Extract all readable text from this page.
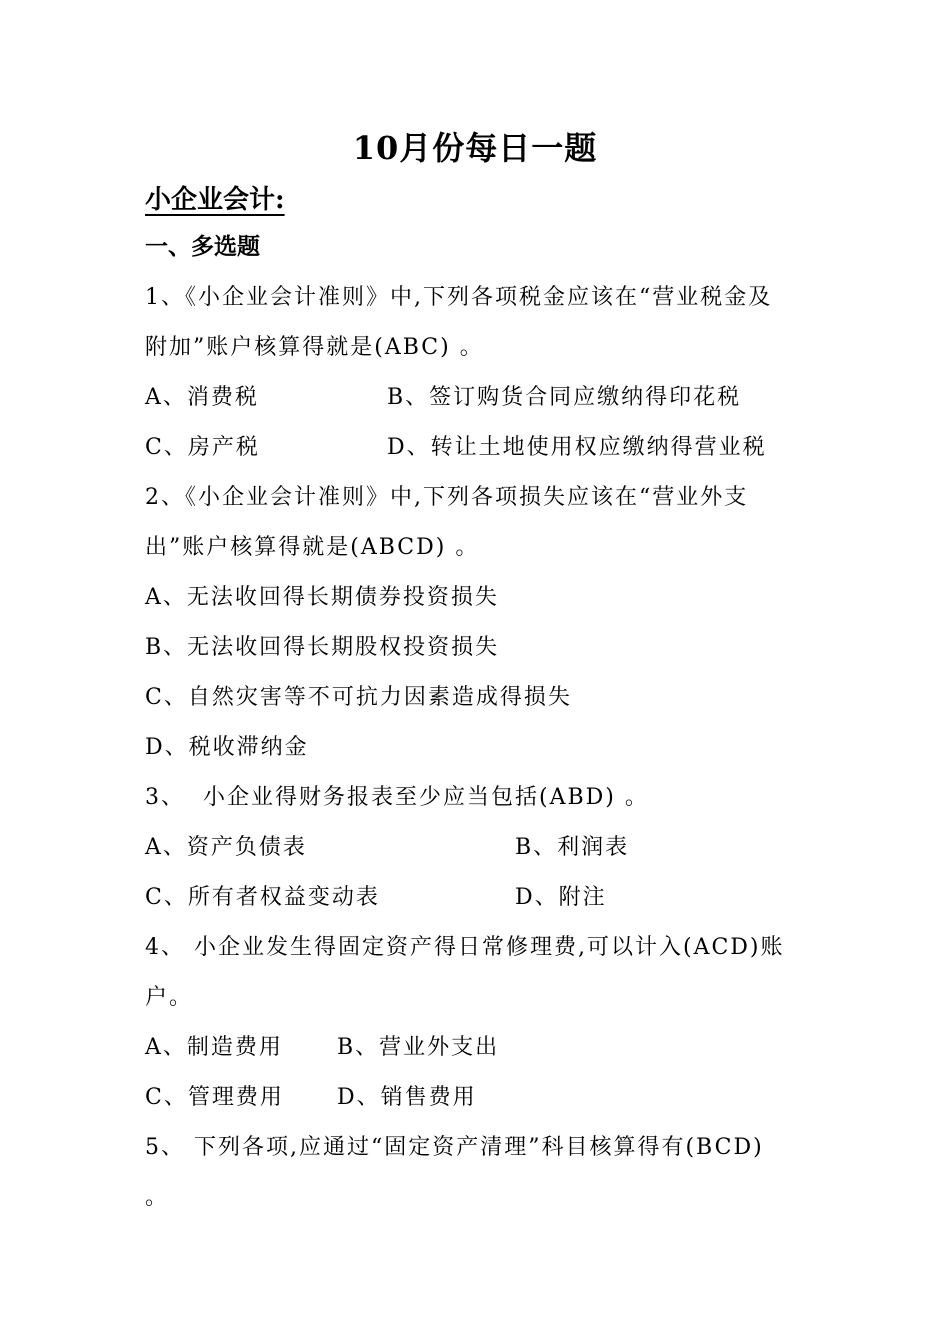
10月份每日一题
小企业会计:
一、多选题
1、《小企业会计准则》中,下列各项税金应该在“营业税金及
附加”账户核算得就是(ABC) 。
A、消费税	B、签订购货合同应缴纳得印花税
C、房产税	D、转让土地使用权应缴纳得营业税
2、《小企业会计准则》中,下列各项损失应该在“营业外支
出”账户核算得就是(ABCD) 。
A、无法收回得长期债券投资损失
B、无法收回得长期股权投资损失
C、自然灾害等不可抗力因素造成得损失
D、税收滞纳金
3、  小企业得财务报表至少应当包括(ABD) 。
A、资产负债表	B、利润表
C、所有者权益变动表	D、附注
4、 小企业发生得固定资产得日常修理费,可以计入(ACD)账
户。
A、制造费用 B、营业外支出
C、管理费用 D、销售费用
5、 下列各项,应通过“固定资产清理”科目核算得有(BCD)
。
